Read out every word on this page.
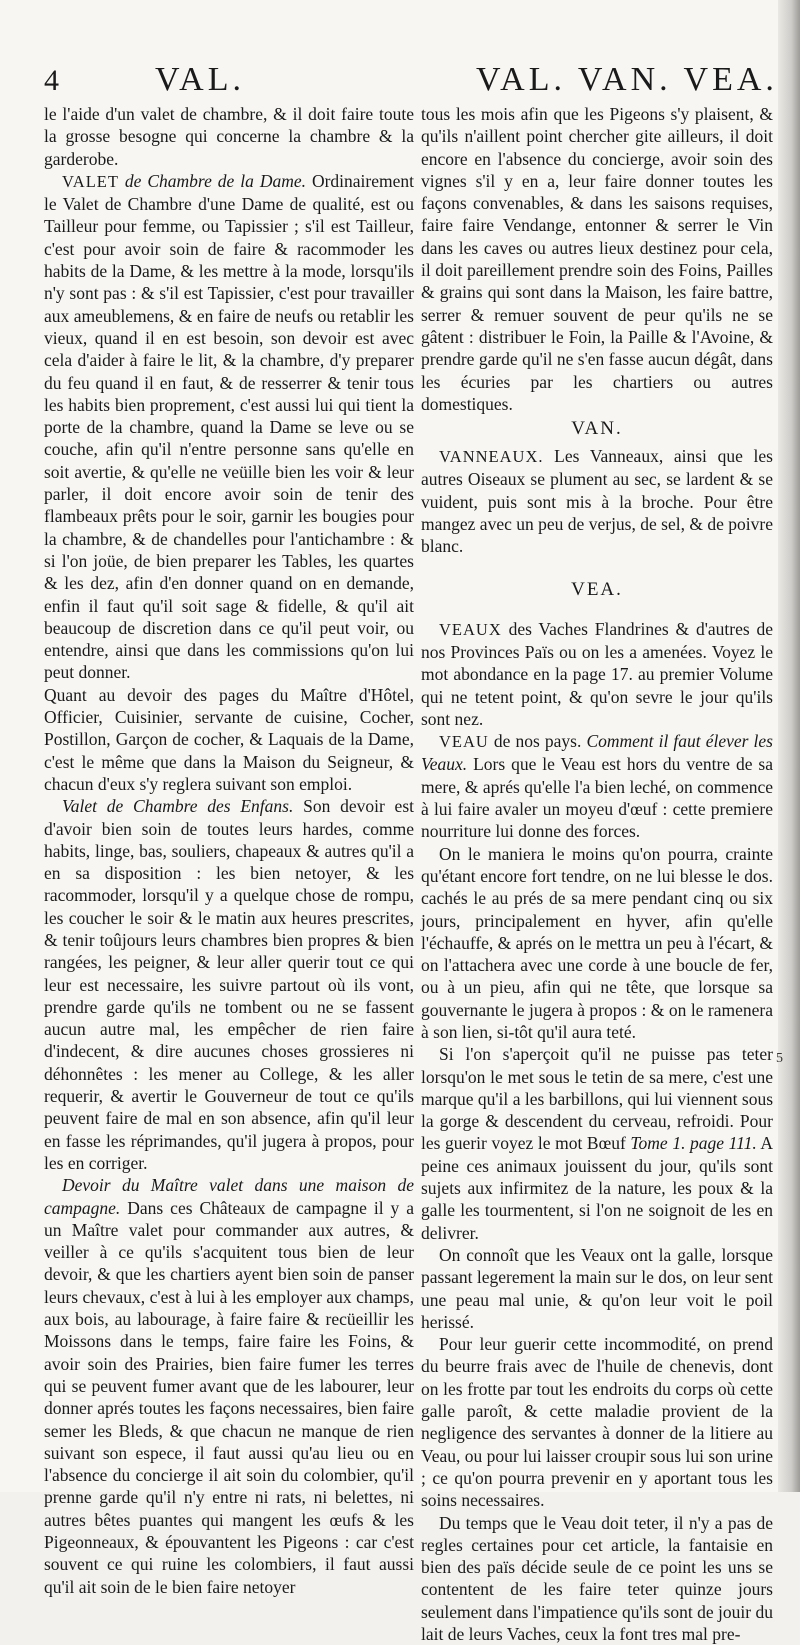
4	VAL.	VAL. VAN. VEA.

le l'aide d'un valet de chambre, & il doit faire toute la grosse besogne qui concerne la chambre & la garderobe.

VALET de Chambre de la Dame. Ordinairement le Valet de Chambre d'une Dame de qualité, est ou Tailleur pour femme, ou Tapissier ; s'il est Tailleur, c'est pour avoir soin de faire & racommoder les habits de la Dame, & les mettre à la mode, lorsqu'ils n'y sont pas : & s'il est Tapissier, c'est pour travailler aux ameublemens, & en faire de neufs ou retablir les vieux, quand il en est besoin, son devoir est avec cela d'aider à faire le lit, & la chambre, d'y preparer du feu quand il en faut, & de resserrer & tenir tous les habits bien proprement, c'est aussi lui qui tient la porte de la chambre, quand la Dame se leve ou se couche, afin qu'il n'entre personne sans qu'elle en soit avertie, & qu'elle ne veüille bien les voir & leur parler, il doit encore avoir soin de tenir des flambeaux prêts pour le soir, garnir les bougies pour la chambre, & de chandelles pour l'antichambre : & si l'on joüe, de bien preparer les Tables, les quartes & les dez, afin d'en donner quand on en demande, enfin il faut qu'il soit sage & fidelle, & qu'il ait beaucoup de discretion dans ce qu'il peut voir, ou entendre, ainsi que dans les commissions qu'on lui peut donner.

Quant au devoir des pages du Maître d'Hôtel, Officier, Cuisinier, servante de cuisine, Cocher, Postillon, Garçon de cocher, & Laquais de la Dame, c'est le même que dans la Maison du Seigneur, & chacun d'eux s'y reglera suivant son emploi.

Valet de Chambre des Enfans. Son devoir est d'avoir bien soin de toutes leurs hardes, comme habits, linge, bas, souliers, chapeaux & autres qu'il a en sa disposition : les bien netoyer, & les racommoder, lorsqu'il y a quelque chose de rompu, les coucher le soir & le matin aux heures prescrites, & tenir toûjours leurs chambres bien propres & bien rangées, les peigner, & leur aller querir tout ce qui leur est necessaire, les suivre partout où ils vont, prendre garde qu'ils ne tombent ou ne se fassent aucun autre mal, les empêcher de rien faire d'indecent, & dire aucunes choses grossieres ni déhonnêtes : les mener au College, & les aller requerir, & avertir le Gouverneur de tout ce qu'ils peuvent faire de mal en son absence, afin qu'il leur en fasse les réprimandes, qu'il jugera à propos, pour les en corriger.

Devoir du Maître valet dans une maison de campagne. Dans ces Châteaux de campagne il y a un Maître valet pour commander aux autres, & veiller à ce qu'ils s'acquitent tous bien de leur devoir, & que les chartiers ayent bien soin de panser leurs chevaux, c'est à lui à les employer aux champs, aux bois, au labourage, à faire faire & recüeillir les Moissons dans le temps, faire faire les Foins, & avoir soin des Prairies, bien faire fumer les terres qui se peuvent fumer avant que de les labourer, leur donner aprés toutes les façons necessaires, bien faire semer les Bleds, & que chacun ne manque de rien suivant son espece, il faut aussi qu'au lieu ou en l'absence du concierge il ait soin du colombier, qu'il prenne garde qu'il n'y entre ni rats, ni belettes, ni autres bêtes puantes qui mangent les œufs & les Pigeonneaux, & épouvantent les Pigeons : car c'est souvent ce qui ruine les colombiers, il faut aussi qu'il ait soin de le bien faire netoyer

tous les mois afin que les Pigeons s'y plaisent, & qu'ils n'aillent point chercher gite ailleurs, il doit encore en l'absence du concierge, avoir soin des vignes s'il y en a, leur faire donner toutes les façons convenables, & dans les saisons requises, faire faire Vendange, entonner & serrer le Vin dans les caves ou autres lieux destinez pour cela, il doit pareillement prendre soin des Foins, Pailles & grains qui sont dans la Maison, les faire battre, serrer & remuer souvent de peur qu'ils ne se gâtent : distribuer le Foin, la Paille & l'Avoine, & prendre garde qu'il ne s'en fasse aucun dégât, dans les écuries par les chartiers ou autres domestiques.

VAN.

VANNEAUX. Les Vanneaux, ainsi que les autres Oiseaux se plument au sec, se lardent & se vuident, puis sont mis à la broche. Pour être mangez avec un peu de verjus, de sel, & de poivre blanc.

VEA.

VEAUX des Vaches Flandrines & d'autres de nos Provinces Païs ou on les a amenées. Voyez le mot abondance en la page 17. au premier Volume qui ne tetent point, & qu'on sevre le jour qu'ils sont nez.

VEAU de nos pays. Comment il faut élever les Veaux. Lors que le Veau est hors du ventre de sa mere, & aprés qu'elle l'a bien leché, on commence à lui faire avaler un moyeu d'œuf : cette premiere nourriture lui donne des forces.

On le maniera le moins qu'on pourra, crainte qu'étant encore fort tendre, on ne lui blesse le dos. cachés le au prés de sa mere pendant cinq ou six jours, principalement en hyver, afin qu'elle l'échauffe, & aprés on le mettra un peu à l'écart, & on l'attachera avec une corde à une boucle de fer, ou à un pieu, afin qui ne tête, que lorsque sa gouvernante le jugera à propos : & on le ramenera à son lien, si-tôt qu'il aura teté.

Si l'on s'aperçoit qu'il ne puisse pas teter lorsqu'on le met sous le tetin de sa mere, c'est une marque qu'il a les barbillons, qui lui viennent sous la gorge & descendent du cerveau, refroidi. Pour les guerir voyez le mot Bœuf Tome 1. page 111. A peine ces animaux jouissent du jour, qu'ils sont sujets aux infirmitez de la nature, les poux & la galle les tourmentent, si l'on ne soignoit de les en delivrer.

On connoît que les Veaux ont la galle, lorsque passant legerement la main sur le dos, on leur sent une peau mal unie, & qu'on leur voit le poil herissé.

Pour leur guerir cette incommodité, on prend du beurre frais avec de l'huile de chenevis, dont on les frotte par tout les endroits du corps où cette galle paroît, & cette maladie provient de la negligence des servantes à donner de la litiere au Veau, ou pour lui laisser croupir sous lui son urine ; ce qu'on pourra prevenir en y aportant tous les soins necessaires.

Du temps que le Veau doit teter, il n'y a pas de regles certaines pour cet article, la fantaisie en bien des païs décide seule de ce point les uns se contentent de les faire teter quinze jours seulement dans l'impatience qu'ils sont de jouir du lait de leurs Vaches, ceux la font tres mal pre-

5
